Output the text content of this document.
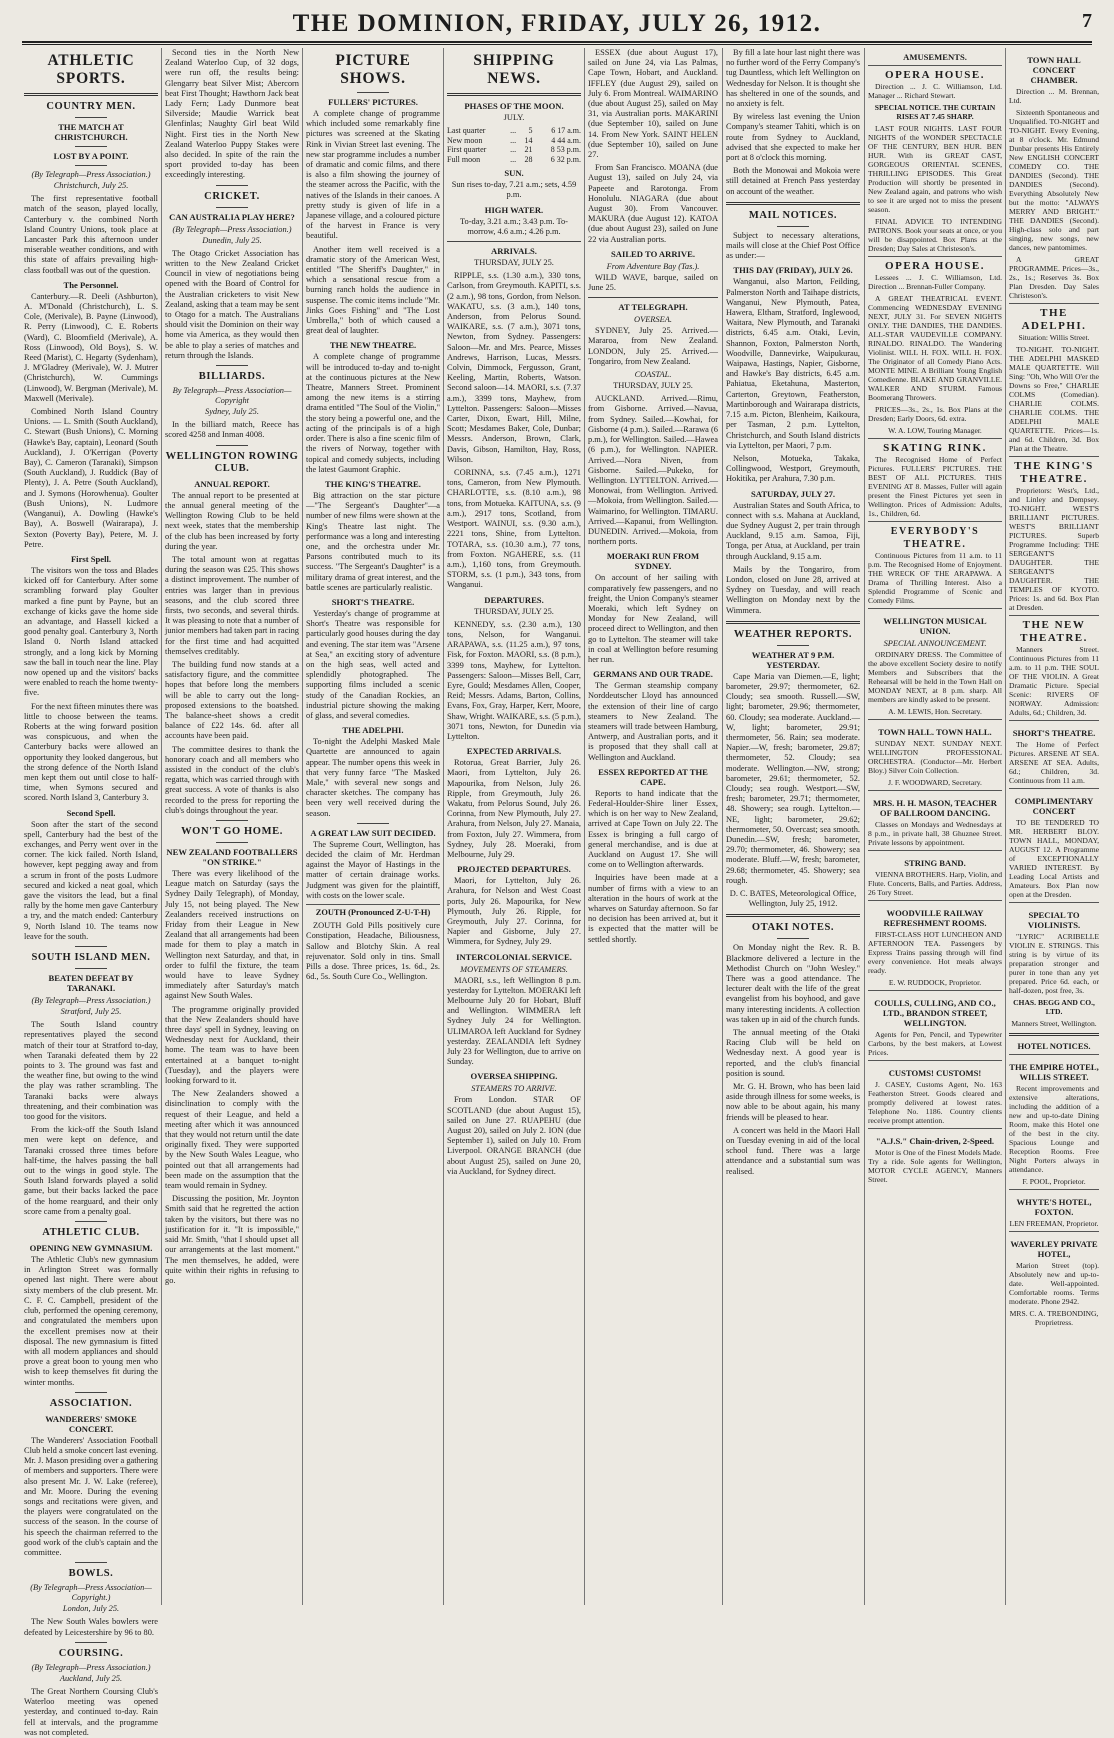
THE DOMINION, FRIDAY, JULY 26, 1912.	7
ATHLETIC SPORTS.
COUNTRY MEN.
THE MATCH AT CHRISTCHURCH.
LOST BY A POINT.
(By Telegraph—Press Association.)

Christchurch, July 25.

The first representative football match of the season, played locally, Canterbury v. the combined North Island Country Unions, took place at Lancaster Park this afternoon under miserable weather conditions, and with this state of affairs prevailing high-class football was out of the question.

The Personnel.

Canterbury.—R. Deeli (Ashburton), A. M'Donald (Christchurch), L. S. Cole, (Merivale), B. Payne (Linwood), R. Perry (Linwood), C. E. Roberts (Ward), C. Bloomfield (Merivale), A. Ross (Linwood), Old Boys), S. W. Reed (Marist), C. Hegarty (Sydenham), J. M'Gladrey (Merivale), W. J. Mutrer (Christchurch), W. Cummings (Linwood), W. Bergman (Merivale), M. Maxwell (Merivale).

Combined North Island Country Unions. — L. Smith (South Auckland), C. Stewart (Bush Unions), C. Morning (Hawke's Bay, captain), Leonard (South Auckland), J. O'Kerrigan (Poverty Bay), C. Cameron (Taranaki), Simpson (South Auckland), J. Ruddick (Bay of Plenty), J. A. Petre (South Auckland), and J. Symons (Horowhenua). Goulter (Bush Unions), N. Ludmore (Wanganui), A. Dowling (Hawke's Bay), A. Boswell (Wairarapa), J. Sexton (Poverty Bay), Petere, M. J. Petre.

First Spell.

The visitors won the toss and Blades kicked off for Canterbury. After some scrambling forward play Goulter marked a fine punt by Payne, but an exchange of kicks gave the home side an advantage, and Hassell kicked a good penalty goal. Canterbury 3, North Island 0. North Island attacked strongly, and a long kick by Morning saw the ball in touch near the line. Play now opened up and the visitors' backs were enabled to reach the home twenty-five.

For the next fifteen minutes there was little to choose between the teams. Roberts at the wing forward position was conspicuous, and when the Canterbury backs were allowed an opportunity they looked dangerous, but the strong defence of the North Island men kept them out until close to half-time, when Symons secured and scored. North Island 3, Canterbury 3.

Second Spell.

Soon after the start of the second spell, Canterbury had the best of the exchanges, and Perry went over in the corner. The kick failed. North Island, however, kept pegging away and from a scrum in front of the posts Ludmore secured and kicked a neat goal, which gave the visitors the lead, but a final rally by the home men gave Canterbury a try, and the match ended: Canterbury 9, North Island 10. The teams now leave for the south.

SOUTH ISLAND MEN.
BEATEN DEFEAT BY TARANAKI.
(By Telegraph—Press Association.)

Stratford, July 25.

The South Island country representatives played the second match of their tour at Stratford to-day, when Taranaki defeated them by 22 points to 3. The ground was fast and the weather fine, but owing to the wind the play was rather scrambling. The Taranaki backs were always threatening, and their combination was too good for the visitors.

From the kick-off the South Island men were kept on defence, and Taranaki crossed three times before half-time, the halves passing the ball out to the wings in good style. The South Island forwards played a solid game, but their backs lacked the pace of the home rearguard, and their only score came from a penalty goal.

ATHLETIC CLUB.
OPENING NEW GYMNASIUM.

The Athletic Club's new gymnasium in Arlington Street was formally opened last night. There were about sixty members of the club present. Mr. C. F. C. Campbell, president of the club, performed the opening ceremony, and congratulated the members upon the excellent premises now at their disposal. The new gymnasium is fitted with all modern appliances and should prove a great boon to young men who wish to keep themselves fit during the winter months.

ASSOCIATION.
WANDERERS' SMOKE CONCERT.

The Wanderers' Association Football Club held a smoke concert last evening. Mr. J. Mason presiding over a gathering of members and supporters. There were also present Mr. J. W. Lake (referee), and Mr. Moore. During the evening songs and recitations were given, and the players were congratulated on the success of the season. In the course of his speech the chairman referred to the good work of the club's captain and the committee.

BOWLS.
(By Telegraph—Press Association—Copyright.)

London, July 25.

The New South Wales bowlers were defeated by Leicestershire by 96 to 80.

COURSING.
(By Telegraph—Press Association.)

Auckland, July 25.

The Great Northern Coursing Club's Waterloo meeting was opened yesterday, and continued to-day. Rain fell at intervals, and the programme was not completed.

Second ties in the North New Zealand Waterloo Cup, of 32 dogs, were run off, the results being: Glengarry beat Silver Mist; Abercorn beat First Thought; Hawthorn Jack beat Lady Fern; Lady Dunmore beat Silverside; Maudie Warrick beat Glenfinlas; Naughty Girl beat Wild Night. First ties in the North New Zealand Waterloo Puppy Stakes were also decided. In spite of the rain the sport provided to-day has been exceedingly interesting.

CRICKET.
CAN AUSTRALIA PLAY HERE?
(By Telegraph—Press Association.)

Dunedin, July 25.

The Otago Cricket Association has written to the New Zealand Cricket Council in view of negotiations being opened with the Board of Control for the Australian cricketers to visit New Zealand, asking that a team may be sent to Otago for a match. The Australians should visit the Dominion on their way home via America, as they would then be able to play a series of matches and return through the Islands.

BILLIARDS.
By Telegraph—Press Association—Copyright

Sydney, July 25.

In the billiard match, Reece has scored 4258 and Inman 4008.

WELLINGTON ROWING CLUB.
ANNUAL REPORT.

The annual report to be presented at the annual general meeting of the Wellington Rowing Club to be held next week, states that the membership of the club has been increased by forty during the year.

The total amount won at regattas during the season was £25. This shows a distinct improvement. The number of entries was larger than in previous seasons, and the club scored three firsts, two seconds, and several thirds. It was pleasing to note that a number of junior members had taken part in racing for the first time and had acquitted themselves creditably.

The building fund now stands at a satisfactory figure, and the committee hopes that before long the members will be able to carry out the long-proposed extensions to the boatshed. The balance-sheet shows a credit balance of £22 14s. 6d. after all accounts have been paid.

The committee desires to thank the honorary coach and all members who assisted in the conduct of the club's regatta, which was carried through with great success. A vote of thanks is also recorded to the press for reporting the club's doings throughout the year.

WON'T GO HOME.
NEW ZEALAND FOOTBALLERS "ON STRIKE."

There was every likelihood of the League match on Saturday (says the Sydney Daily Telegraph), of Monday, July 15, not being played. The New Zealanders received instructions on Friday from their League in New Zealand that all arrangements had been made for them to play a match in Wellington next Saturday, and that, in order to fulfil the fixture, the team would have to leave Sydney immediately after Saturday's match against New South Wales.

The programme originally provided that the New Zealanders should have three days' spell in Sydney, leaving on Wednesday next for Auckland, their home. The team was to have been entertained at a banquet to-night (Tuesday), and the players were looking forward to it.

The New Zealanders showed a disinclination to comply with the request of their League, and held a meeting after which it was announced that they would not return until the date originally fixed. They were supported by the New South Wales League, who pointed out that all arrangements had been made on the assumption that the team would remain in Sydney.

Discussing the position, Mr. Joynton Smith said that he regretted the action taken by the visitors, but there was no justification for it. "It is impossible," said Mr. Smith, "that I should upset all our arrangements at the last moment." The men themselves, he added, were quite within their rights in refusing to go.

PICTURE SHOWS.
FULLERS' PICTURES.

A complete change of programme which included some remarkably fine pictures was screened at the Skating Rink in Vivian Street last evening. The new star programme includes a number of dramatic and comic films, and there is also a film showing the journey of the steamer across the Pacific, with the natives of the Islands in their canoes. A pretty study is given of life in a Japanese village, and a coloured picture of the harvest in France is very beautiful.

Another item well received is a dramatic story of the American West, entitled "The Sheriff's Daughter," in which a sensational rescue from a burning ranch holds the audience in suspense. The comic items include "Mr. Jinks Goes Fishing" and "The Lost Umbrella," both of which caused a great deal of laughter.

THE NEW THEATRE.

A complete change of programme will be introduced to-day and to-night at the continuous pictures at the New Theatre, Manners Street. Prominent among the new items is a stirring drama entitled "The Soul of the Violin," the story being a powerful one, and the acting of the principals is of a high order. There is also a fine scenic film of the rivers of Norway, together with topical and comedy subjects, including the latest Gaumont Graphic.

THE KING'S THEATRE.

Big attraction on the star picture—"The Sergeant's Daughter"—a number of new films were shown at the King's Theatre last night. The performance was a long and interesting one, and the orchestra under Mr. Parsons contributed much to its success. "The Sergeant's Daughter" is a military drama of great interest, and the battle scenes are particularly realistic.

SHORT'S THEATRE.

Yesterday's change of programme at Short's Theatre was responsible for particularly good houses during the day and evening. The star item was "Arsene at Sea," an exciting story of adventure on the high seas, well acted and splendidly photographed. The supporting films included a scenic study of the Canadian Rockies, an industrial picture showing the making of glass, and several comedies.

THE ADELPHI.

To-night the Adelphi Masked Male Quartette are announced to again appear. The number opens this week in that very funny farce "The Masked Male," with several new songs and character sketches. The company has been very well received during the season.

A GREAT LAW SUIT DECIDED.

The Supreme Court, Wellington, has decided the claim of Mr. Herdman against the Mayor of Hastings in the matter of certain drainage works. Judgment was given for the plaintiff, with costs on the lower scale.

ZOUTH (Pronounced Z-U-T-H)

ZOUTH Gold Pills positively cure Constipation, Headache, Biliousness, Sallow and Blotchy Skin. A real rejuvenator. Sold only in tins. Small Pills a dose. Three prices, 1s. 6d., 2s. 6d., 5s. South Cure Co., Wellington.

SHIPPING NEWS.
PHASES OF THE MOON.

JULY.

Last quarter	...	5	6 17 a.m.
New moon	...	14	4 44 a.m.
First quarter	...	21	8 53 p.m.
Full moon	...	28	6 32 p.m.
SUN.

Sun rises to-day, 7.21 a.m.; sets, 4.59 p.m.

HIGH WATER.

To-day, 3.21 a.m.; 3.43 p.m. To-morrow, 4.6 a.m.; 4.26 p.m.

ARRIVALS.

THURSDAY, JULY 25.

RIPPLE, s.s. (1.30 a.m.), 330 tons, Carlson, from Greymouth. KAPITI, s.s. (2 a.m.), 98 tons, Gordon, from Nelson. WAKATU, s.s. (3 a.m.), 140 tons, Anderson, from Pelorus Sound. WAIKARE, s.s. (7 a.m.), 3071 tons, Newton, from Sydney. Passengers: Saloon—Mr. and Mrs. Pearce, Misses Andrews, Harrison, Lucas, Messrs. Colvin, Dimmock, Fergusson, Grant, Keeling, Martin, Roberts, Watson. Second saloon—14. MAORI, s.s. (7.37 a.m.), 3399 tons, Mayhew, from Lyttelton. Passengers: Saloon—Misses Carter, Dixon, Ewart, Hill, Milne, Scott; Mesdames Baker, Cole, Dunbar; Messrs. Anderson, Brown, Clark, Davis, Gibson, Hamilton, Hay, Ross, Wilson.

CORINNA, s.s. (7.45 a.m.), 1271 tons, Cameron, from New Plymouth. CHARLOTTE, s.s. (8.10 a.m.), 98 tons, from Motueka. KAITUNA, s.s. (9 a.m.), 2917 tons, Scotland, from Westport. WAINUI, s.s. (9.30 a.m.), 2221 tons, Shine, from Lyttelton. TOTARA, s.s. (10.30 a.m.), 77 tons, from Foxton. NGAHERE, s.s. (11 a.m.), 1,160 tons, from Greymouth. STORM, s.s. (1 p.m.), 343 tons, from Wanganui.

DEPARTURES.

THURSDAY, JULY 25.

KENNEDY, s.s. (2.30 a.m.), 130 tons, Nelson, for Wanganui. ARAPAWA, s.s. (11.25 a.m.), 97 tons, Fisk, for Foxton. MAORI, s.s. (8 p.m.), 3399 tons, Mayhew, for Lyttelton. Passengers: Saloon—Misses Bell, Carr, Eyre, Gould; Mesdames Allen, Cooper, Reid; Messrs. Adams, Barton, Collins, Evans, Fox, Gray, Harper, Kerr, Moore, Shaw, Wright. WAIKARE, s.s. (5 p.m.), 3071 tons, Newton, for Dunedin via Lyttelton.

EXPECTED ARRIVALS.

Rotorua, Great Barrier, July 26. Maori, from Lyttelton, July 26. Mapourika, from Nelson, July 26. Ripple, from Greymouth, July 26. Wakatu, from Pelorus Sound, July 26. Corinna, from New Plymouth, July 27. Arahura, from Nelson, July 27. Manaia, from Foxton, July 27. Wimmera, from Sydney, July 28. Moeraki, from Melbourne, July 29.

PROJECTED DEPARTURES.

Maori, for Lyttelton, July 26. Arahura, for Nelson and West Coast ports, July 26. Mapourika, for New Plymouth, July 26. Ripple, for Greymouth, July 27. Corinna, for Napier and Gisborne, July 27. Wimmera, for Sydney, July 29.

INTERCOLONIAL SERVICE.
MOVEMENTS OF STEAMERS.

MAORI, s.s., left Wellington 8 p.m. yesterday for Lyttelton. MOERAKI left Melbourne July 20 for Hobart, Bluff and Wellington. WIMMERA left Sydney July 24 for Wellington. ULIMAROA left Auckland for Sydney yesterday. ZEALANDIA left Sydney July 23 for Wellington, due to arrive on Sunday.

OVERSEA SHIPPING.
STEAMERS TO ARRIVE.

From London. STAR OF SCOTLAND (due about August 15), sailed on June 27. RUAPEHU (due August 20), sailed on July 2. ION (due September 1), sailed on July 10. From Liverpool. ORANGE BRANCH (due about August 25), sailed on June 20, via Auckland, for Sydney direct.

ESSEX (due about August 17), sailed on June 24, via Las Palmas, Cape Town, Hobart, and Auckland. IFFLEY (due August 29), sailed on July 6. From Montreal. WAIMARINO (due about August 25), sailed on May 31, via Australian ports. MAKARINI (due September 10), sailed on June 14. From New York. SAINT HELEN (due September 10), sailed on June 27.

From San Francisco. MOANA (due August 13), sailed on July 24, via Papeete and Rarotonga. From Honolulu. NIAGARA (due about August 30). From Vancouver. MAKURA (due August 12). KATOA (due about August 23), sailed on June 22 via Australian ports.

SAILED TO ARRIVE.
From Adventure Bay (Tas.).

WILD WAVE, barque, sailed on June 25.

AT TELEGRAPH.
OVERSEA.

SYDNEY, July 25. Arrived.—Mararoa, from New Zealand. LONDON, July 25. Arrived.—Tongariro, from New Zealand.

COASTAL.

THURSDAY, JULY 25.

AUCKLAND. Arrived.—Rimu, from Gisborne. Arrived.—Navua, from Sydney. Sailed.—Kowhai, for Gisborne (4 p.m.). Sailed.—Rarawa (6 p.m.), for Wellington. Sailed.—Hawea (6 p.m.), for Wellington. NAPIER. Arrived.—Nora Niven, from Gisborne. Sailed.—Pukeko, for Wellington. LYTTELTON. Arrived.—Monowai, from Wellington. Arrived.—Mokoia, from Wellington. Sailed.—Waimarino, for Wellington. TIMARU. Arrived.—Kapanui, from Wellington. DUNEDIN. Arrived.—Mokoia, from northern ports.

MOERAKI RUN FROM SYDNEY.

On account of her sailing with comparatively few passengers, and no freight, the Union Company's steamer Moeraki, which left Sydney on Monday for New Zealand, will proceed direct to Wellington, and then go to Lyttelton. The steamer will take in coal at Wellington before resuming her run.

GERMANS AND OUR TRADE.

The German steamship company Norddeutscher Lloyd has announced the extension of their line of cargo steamers to New Zealand. The steamers will trade between Hamburg, Antwerp, and Australian ports, and it is proposed that they shall call at Wellington and Auckland.

ESSEX REPORTED AT THE CAPE.

Reports to hand indicate that the Federal-Houlder-Shire liner Essex, which is on her way to New Zealand, arrived at Cape Town on July 22. The Essex is bringing a full cargo of general merchandise, and is due at Auckland on August 17. She will come on to Wellington afterwards.

Inquiries have been made at a number of firms with a view to an alteration in the hours of work at the wharves on Saturday afternoon. So far no decision has been arrived at, but it is expected that the matter will be settled shortly.

By fill a late hour last night there was no further word of the Ferry Company's tug Dauntless, which left Wellington on Wednesday for Nelson. It is thought she has sheltered in one of the sounds, and no anxiety is felt.

By wireless last evening the Union Company's steamer Tahiti, which is on route from Sydney to Auckland, advised that she expected to make her port at 8 o'clock this morning.

Both the Monowai and Mokoia were still detained at French Pass yesterday on account of the weather.

MAIL NOTICES.

Subject to necessary alterations, mails will close at the Chief Post Office as under:—

THIS DAY (FRIDAY), JULY 26.

Wanganui, also Marton, Feilding, Palmerston North and Taihape districts, Wanganui, New Plymouth, Patea, Hawera, Eltham, Stratford, Inglewood, Waitara, New Plymouth, and Taranaki districts, 6.45 a.m. Otaki, Levin, Shannon, Foxton, Palmerston North, Woodville, Dannevirke, Waipukurau, Waipawa, Hastings, Napier, Gisborne, and Hawke's Bay districts, 6.45 a.m. Pahiatua, Eketahuna, Masterton, Carterton, Greytown, Featherston, Martinborough and Wairarapa districts, 7.15 a.m. Picton, Blenheim, Kaikoura, per Tasman, 2 p.m. Lyttelton, Christchurch, and South Island districts via Lyttelton, per Maori, 7 p.m.

Nelson, Motueka, Takaka, Collingwood, Westport, Greymouth, Hokitika, per Arahura, 7.30 p.m.

SATURDAY, JULY 27.

Australian States and South Africa, to connect with s.s. Mahana at Auckland, due Sydney August 2, per train through Auckland, 9.15 a.m. Samoa, Fiji, Tonga, per Atua, at Auckland, per train through Auckland, 9.15 a.m.

Mails by the Tongariro, from London, closed on June 28, arrived at Sydney on Tuesday, and will reach Wellington on Monday next by the Wimmera.

WEATHER REPORTS.
WEATHER AT 9 P.M. YESTERDAY.

Cape Maria van Diemen.—E, light; barometer, 29.97; thermometer, 62. Cloudy; sea smooth. Russell.—SW, light; barometer, 29.96; thermometer, 60. Cloudy; sea moderate. Auckland.—W, light; barometer, 29.91; thermometer, 56. Rain; sea moderate. Napier.—W, fresh; barometer, 29.87; thermometer, 52. Cloudy; sea moderate. Wellington.—NW, strong; barometer, 29.61; thermometer, 52. Cloudy; sea rough. Westport.—SW, fresh; barometer, 29.71; thermometer, 48. Showery; sea rough. Lyttelton.—NE, light; barometer, 29.62; thermometer, 50. Overcast; sea smooth. Dunedin.—SW, fresh; barometer, 29.70; thermometer, 46. Showery; sea moderate. Bluff.—W, fresh; barometer, 29.68; thermometer, 45. Showery; sea rough.

D. C. BATES, Meteorological Office, Wellington, July 25, 1912.

OTAKI NOTES.

On Monday night the Rev. R. B. Blackmore delivered a lecture in the Methodist Church on "John Wesley." There was a good attendance. The lecturer dealt with the life of the great evangelist from his boyhood, and gave many interesting incidents. A collection was taken up in aid of the church funds.

The annual meeting of the Otaki Racing Club will be held on Wednesday next. A good year is reported, and the club's financial position is sound.

Mr. G. H. Brown, who has been laid aside through illness for some weeks, is now able to be about again, his many friends will be pleased to hear.

A concert was held in the Maori Hall on Tuesday evening in aid of the local school fund. There was a large attendance and a substantial sum was realised.

AMUSEMENTS.
OPERA HOUSE.

Direction ... J. C. Williamson, Ltd. Manager ... Richard Stewart.

SPECIAL NOTICE. THE CURTAIN RISES AT 7.45 SHARP.

LAST FOUR NIGHTS. LAST FOUR NIGHTS of the WONDER SPECTACLE OF THE CENTURY, BEN HUR. BEN HUR. With its GREAT CAST, GORGEOUS ORIENTAL SCENES, THRILLING EPISODES. This Great Production will shortly be presented in New Zealand again, and patrons who wish to see it are urged not to miss the present season.

FINAL ADVICE TO INTENDING PATRONS. Book your seats at once, or you will be disappointed. Box Plans at the Dresden; Day Sales at Christeson's.

OPERA HOUSE.

Lessees ... J. C. Williamson, Ltd. Direction ... Brennan-Fuller Company.

A GREAT THEATRICAL EVENT. Commencing WEDNESDAY EVENING NEXT, JULY 31. For SEVEN NIGHTS ONLY. THE DANDIES, THE DANDIES. ALL-STAR VAUDEVILLE COMPANY. RINALDO. RINALDO. The Wandering Violinist. WILL H. FOX. WILL H. FOX. The Originator of all Comedy Piano Acts. MONTE MINE. A Brilliant Young English Comedienne. BLAKE AND GRANVILLE. WALKER AND STURM. Famous Boomerang Throwers.

PRICES—3s., 2s., 1s. Box Plans at the Dresden; Early Doors, 6d. extra.

W. A. LOW, Touring Manager.

SKATING RINK.

The Recognised Home of Perfect Pictures. FULLERS' PICTURES. THE BEST OF ALL PICTURES. THIS EVENING AT 8. Masses, Fuller will again present the Finest Pictures yet seen in Wellington. Prices of Admission: Adults, 1s., Children, 6d.

EVERYBODY'S THEATRE.

Continuous Pictures from 11 a.m. to 11 p.m. The Recognised Home of Enjoyment. THE WRECK OF THE ARAPAWA. A Drama of Thrilling Interest. Also a Splendid Programme of Scenic and Comedy Films.

WELLINGTON MUSICAL UNION.
SPECIAL ANNOUNCEMENT.

ORDINARY DRESS. The Committee of the above excellent Society desire to notify Members and Subscribers that the Rehearsal will be held in the Town Hall on MONDAY NEXT, at 8 p.m. sharp. All members are kindly asked to be present.

A. M. LEWIS, Hon. Secretary.

TOWN HALL. TOWN HALL.

SUNDAY NEXT. SUNDAY NEXT. WELLINGTON PROFESSIONAL ORCHESTRA. (Conductor—Mr. Herbert Bloy.) Silver Coin Collection.

J. F. WOODWARD, Secretary.

MRS. H. H. MASON, TEACHER OF BALLROOM DANCING.

Classes on Mondays and Wednesdays at 8 p.m., in private hall, 38 Ghuznee Street. Private lessons by appointment.

STRING BAND.

VIENNA BROTHERS. Harp, Violin, and Flute. Concerts, Balls, and Parties. Address, 26 Tory Street.

WOODVILLE RAILWAY REFRESHMENT ROOMS.

FIRST-CLASS HOT LUNCHEON AND AFTERNOON TEA. Passengers by Express Trains passing through will find every convenience. Hot meals always ready.

E. W. RUDDOCK, Proprietor.

COULLS, CULLING, AND CO., LTD., BRANDON STREET, WELLINGTON.

Agents for Pen, Pencil, and Typewriter Carbons, by the best makers, at Lowest Prices.

CUSTOMS! CUSTOMS!

J. CASEY, Customs Agent, No. 163 Featherston Street. Goods cleared and promptly delivered at lowest rates. Telephone No. 1186. Country clients receive prompt attention.

"A.J.S." Chain-driven, 2-Speed.

Motor is One of the Finest Models Made. Try a ride. Sole agents for Wellington, MOTOR CYCLE AGENCY, Manners Street.

TOWN HALL CONCERT CHAMBER.

Direction ... M. Brennan, Ltd.

Sixteenth Spontaneous and Unqualified. TO-NIGHT and TO-NIGHT. Every Evening, at 8 o'clock. Mr. Edmund Dunbar presents His Entirely New ENGLISH CONCERT COMEDY CO. THE DANDIES (Second). THE DANDIES (Second). Everything Absolutely New but the motto: "ALWAYS MERRY AND BRIGHT." THE DANDIES (Second). High-class solo and part singing, new songs, new dances, new pantomimes.

A GREAT PROGRAMME. Prices—3s., 2s., 1s.; Reserves 3s. Box Plan Dresden. Day Sales Christeson's.

THE ADELPHI.

Situation: Willis Street.

TO-NIGHT. TO-NIGHT. THE ADELPHI MASKED MALE QUARTETTE. Will Sing: "Oh, Who Will O'er the Downs so Free," CHARLIE COLMS (Comedian). CHARLIE COLMS. CHARLIE COLMS. THE ADELPHI MALE QUARTETTE. Prices—1s. and 6d. Children, 3d. Box Plan at the Theatre.

THE KING'S THEATRE.

Proprietors: West's, Ltd., and Linley and Dempsey. TO-NIGHT. WEST'S BRILLIANT PICTURES. WEST'S BRILLIANT PICTURES. Superb Programme Including: THE SERGEANT'S DAUGHTER. THE SERGEANT'S DAUGHTER. THE TEMPLES OF KYOTO. Prices: 1s. and 6d. Box Plan at Dresden.

THE NEW THEATRE.

Manners Street. Continuous Pictures from 11 a.m. to 11 p.m. THE SOUL OF THE VIOLIN. A Great Dramatic Picture. Special Scenic: RIVERS OF NORWAY. Admission: Adults, 6d.; Children, 3d.

SHORT'S THEATRE.

The Home of Perfect Pictures. ARSENE AT SEA. ARSENE AT SEA. Adults, 6d.; Children, 3d. Continuous from 11 a.m.

COMPLIMENTARY CONCERT

TO BE TENDERED TO MR. HERBERT BLOY. TOWN HALL, MONDAY, AUGUST 12. A Programme of EXCEPTIONALLY VARIED INTEREST. By Leading Local Artists and Amateurs. Box Plan now open at the Dresden.

SPECIAL TO VIOLINISTS.

"LYRIC" ACRIBELLE VIOLIN E. STRINGS. This string is by virtue of its preparation stronger and purer in tone than any yet prepared. Price 6d. each, or half-dozen, post free, 3s.

CHAS. BEGG AND CO., LTD.

Manners Street, Wellington.

HOTEL NOTICES.
THE EMPIRE HOTEL, WILLIS STREET.

Recent improvements and extensive alterations, including the addition of a new and up-to-date Dining Room, make this Hotel one of the best in the city. Spacious Lounge and Reception Rooms. Free Night Porters always in attendance.

F. POOL, Proprietor.

WHYTE'S HOTEL, FOXTON.

LEN FREEMAN, Proprietor.

WAVERLEY PRIVATE HOTEL,

Marion Street (top). Absolutely new and up-to-date. Well-appointed. Comfortable rooms. Terms moderate. Phone 2942.

MRS. C. A. TREBONDING, Proprietress.
